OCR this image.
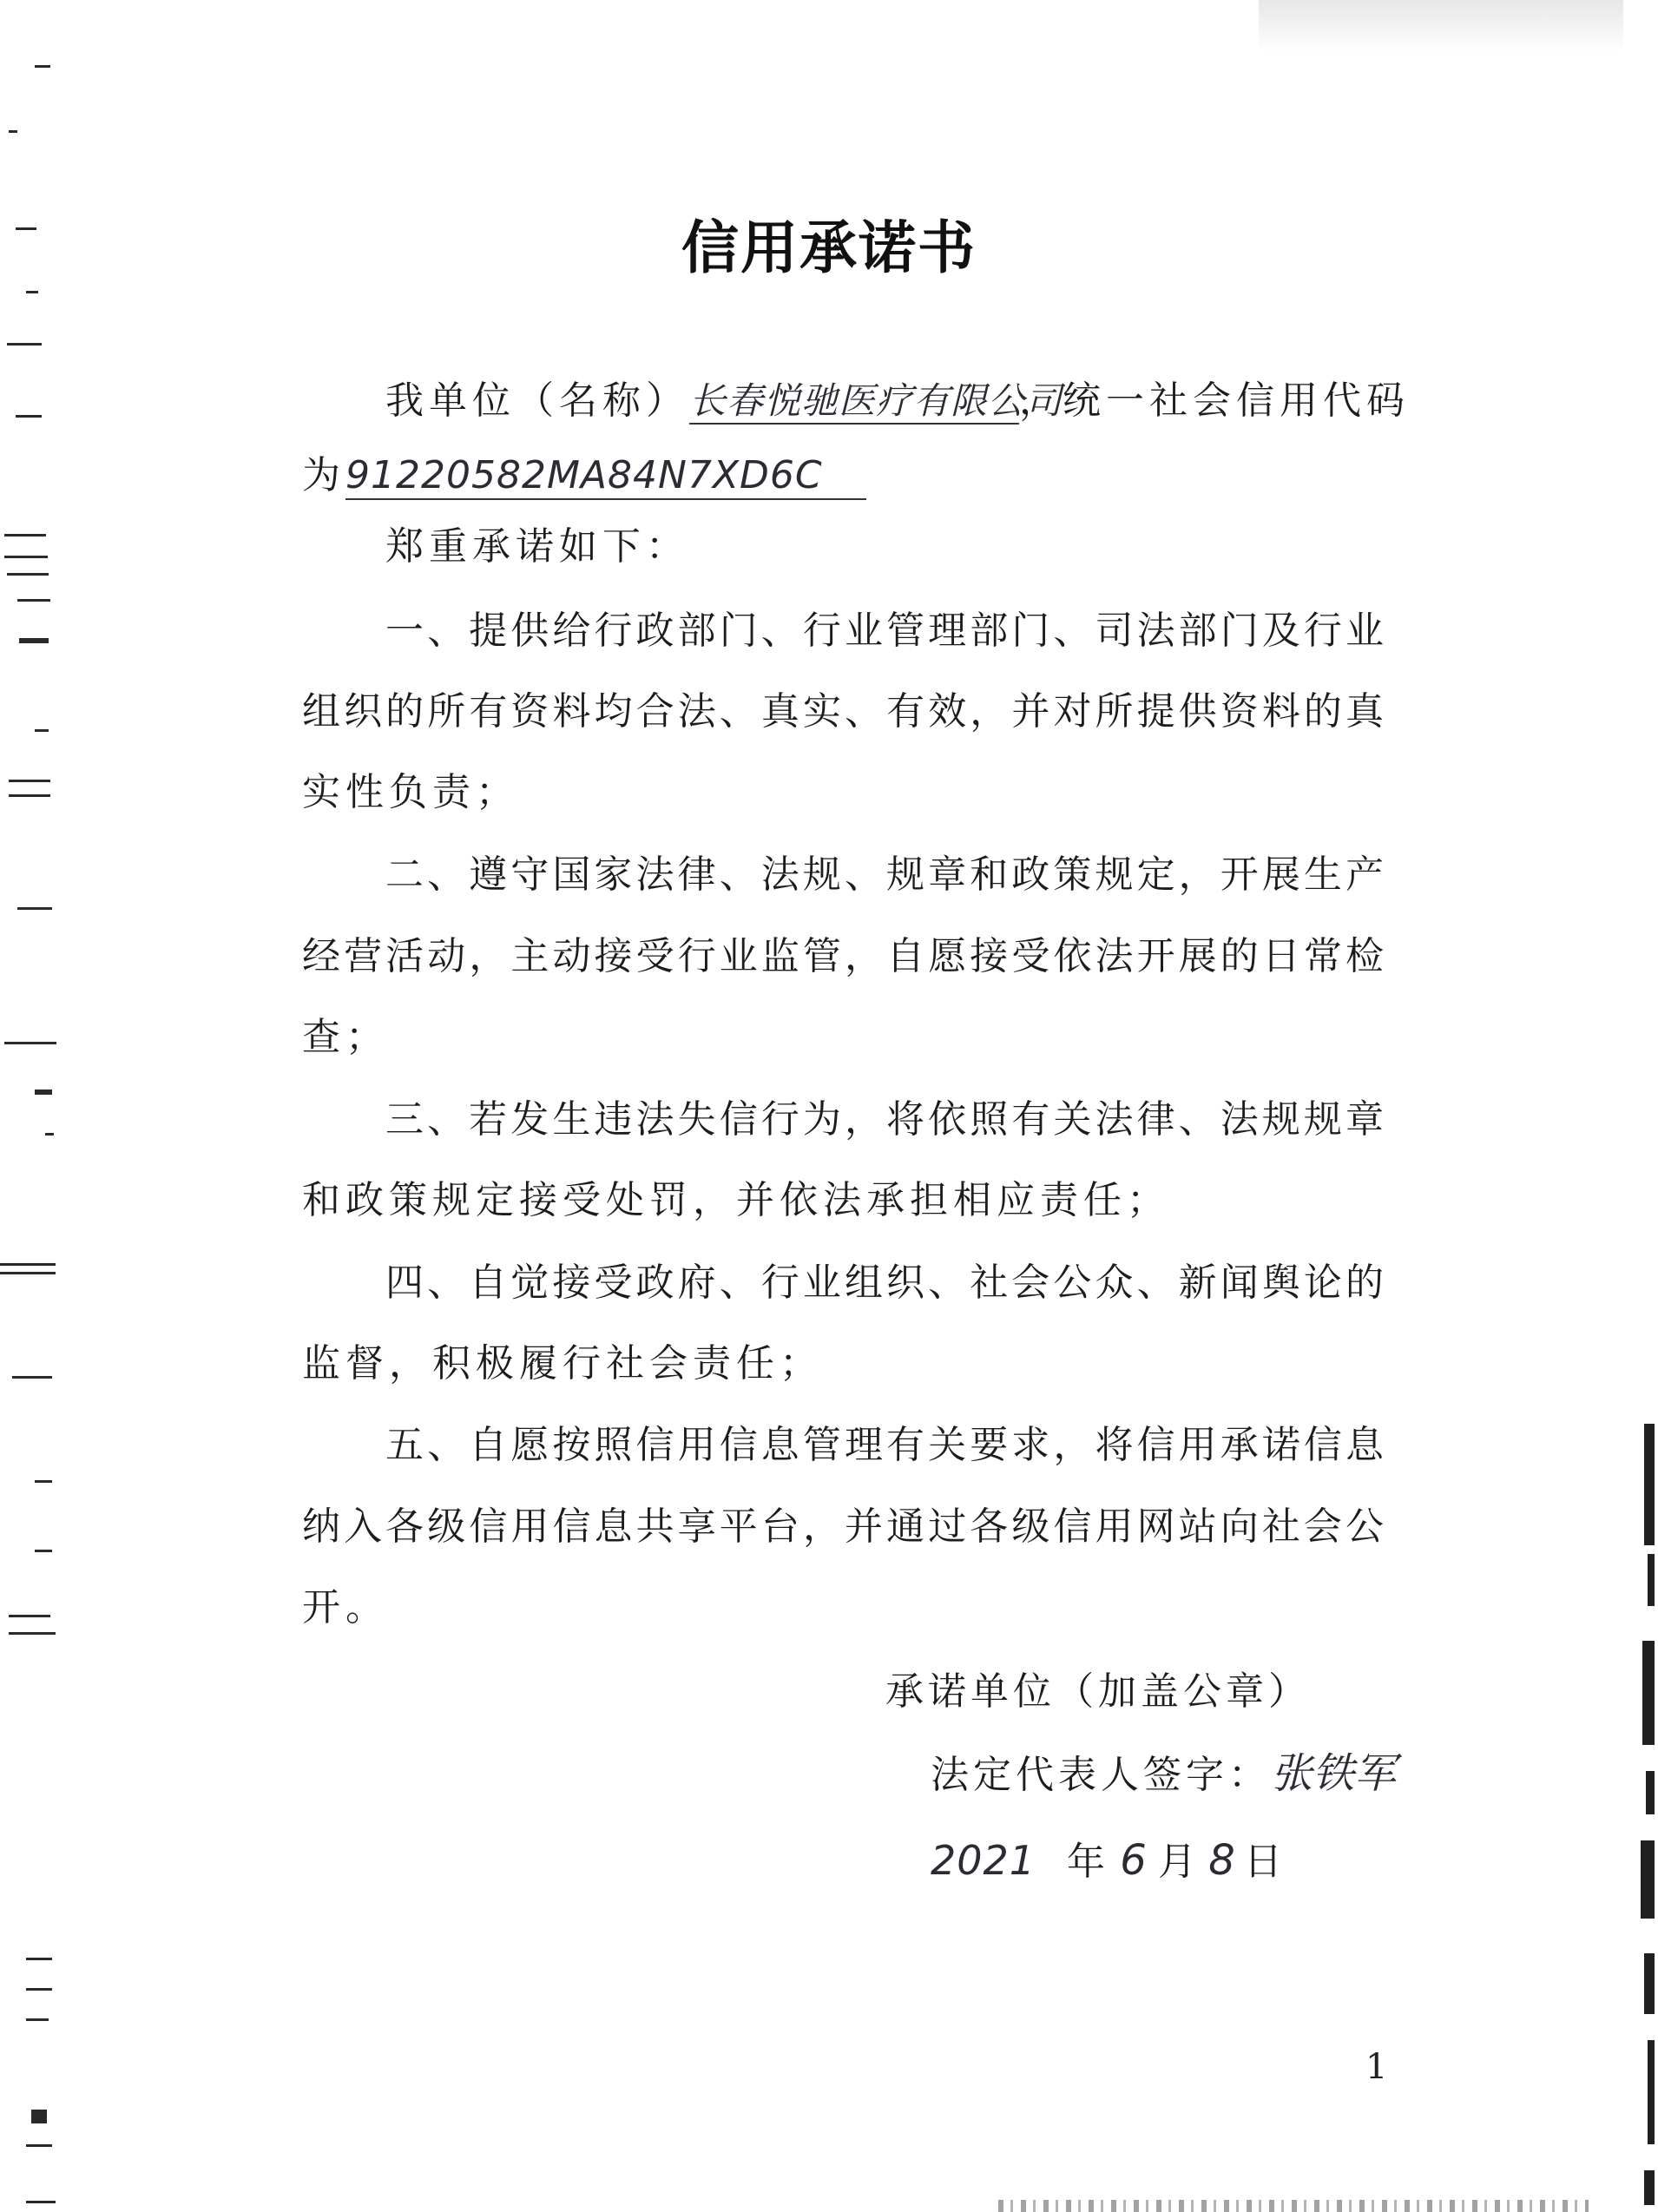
信用承诺书
我单位（名称）长春悦驰医疗有限公司，统一社会信用代码
为91220582MA84N7XD6C
郑重承诺如下：
一、提供给行政部门、行业管理部门、司法部门及行业
组织的所有资料均合法、真实、有效，并对所提供资料的真
实性负责；
二、遵守国家法律、法规、规章和政策规定，开展生产
经营活动，主动接受行业监管，自愿接受依法开展的日常检
查；
三、若发生违法失信行为，将依照有关法律、法规规章
和政策规定接受处罚，并依法承担相应责任；
四、自觉接受政府、行业组织、社会公众、新闻舆论的
监督，积极履行社会责任；
五、自愿按照信用信息管理有关要求，将信用承诺信息
纳入各级信用信息共享平台，并通过各级信用网站向社会公
开。
承诺单位（加盖公章）
法定代表人签字：张铁军
2021 年 6 月 8 日
1
